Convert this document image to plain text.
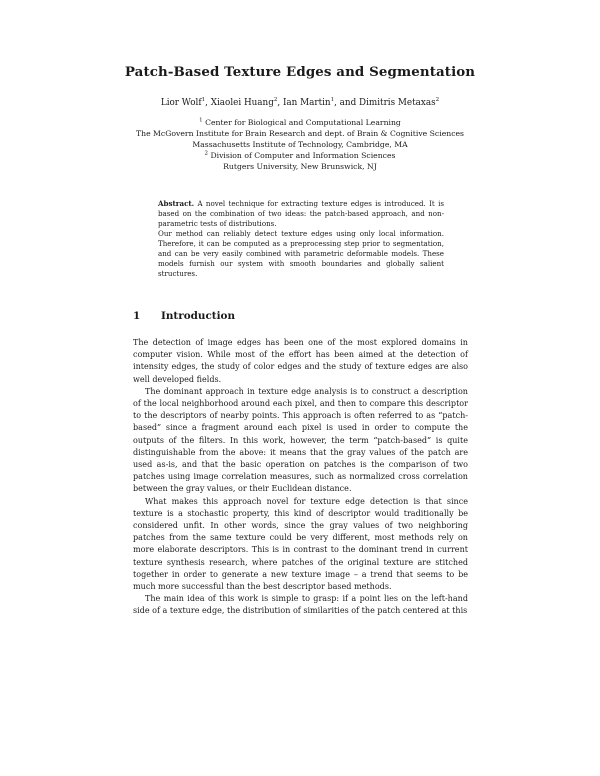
Patch-Based Texture Edges and Segmentation
Lior Wolf$^1$, Xiaolei Huang$^2$, Ian Martin$^1$, and Dimitris Metaxas$^2$
$^1$ Center for Biological and Computational Learning
The McGovern Institute for Brain Research and dept. of Brain & Cognitive Sciences
Massachusetts Institute of Technology, Cambridge, MA
$^2$ Division of Computer and Information Sciences
Rutgers University, New Brunswick, NJ

Abstract. A novel technique for extracting texture edges is introduced. It is based on the combination of two ideas: the patch-based approach, and non-parametric tests of distributions.

Our method can reliably detect texture edges using only local information. Therefore, it can be computed as a preprocessing step prior to segmentation, and can be very easily combined with parametric deformable models. These models furnish our system with smooth boundaries and globally salient structures.

1 Introduction

The detection of image edges has been one of the most explored domains in computer vision. While most of the effort has been aimed at the detection of intensity edges, the study of color edges and the study of texture edges are also well developed fields.

The dominant approach in texture edge analysis is to construct a description of the local neighborhood around each pixel, and then to compare this descriptor to the descriptors of nearby points. This approach is often referred to as “patch-based” since a fragment around each pixel is used in order to compute the outputs of the filters. In this work, however, the term “patch-based” is quite distinguishable from the above: it means that the gray values of the patch are used as-is, and that the basic operation on patches is the comparison of two patches using image correlation measures, such as normalized cross correlation between the gray values, or their Euclidean distance.

What makes this approach novel for texture edge detection is that since texture is a stochastic property, this kind of descriptor would traditionally be considered unfit. In other words, since the gray values of two neighboring patches from the same texture could be very different, most methods rely on more elaborate descriptors. This is in contrast to the dominant trend in current texture synthesis research, where patches of the original texture are stitched together in order to generate a new texture image – a trend that seems to be much more successful than the best descriptor based methods.

The main idea of this work is simple to grasp: if a point lies on the left-hand side of a texture edge, the distribution of similarities of the patch centered at this
